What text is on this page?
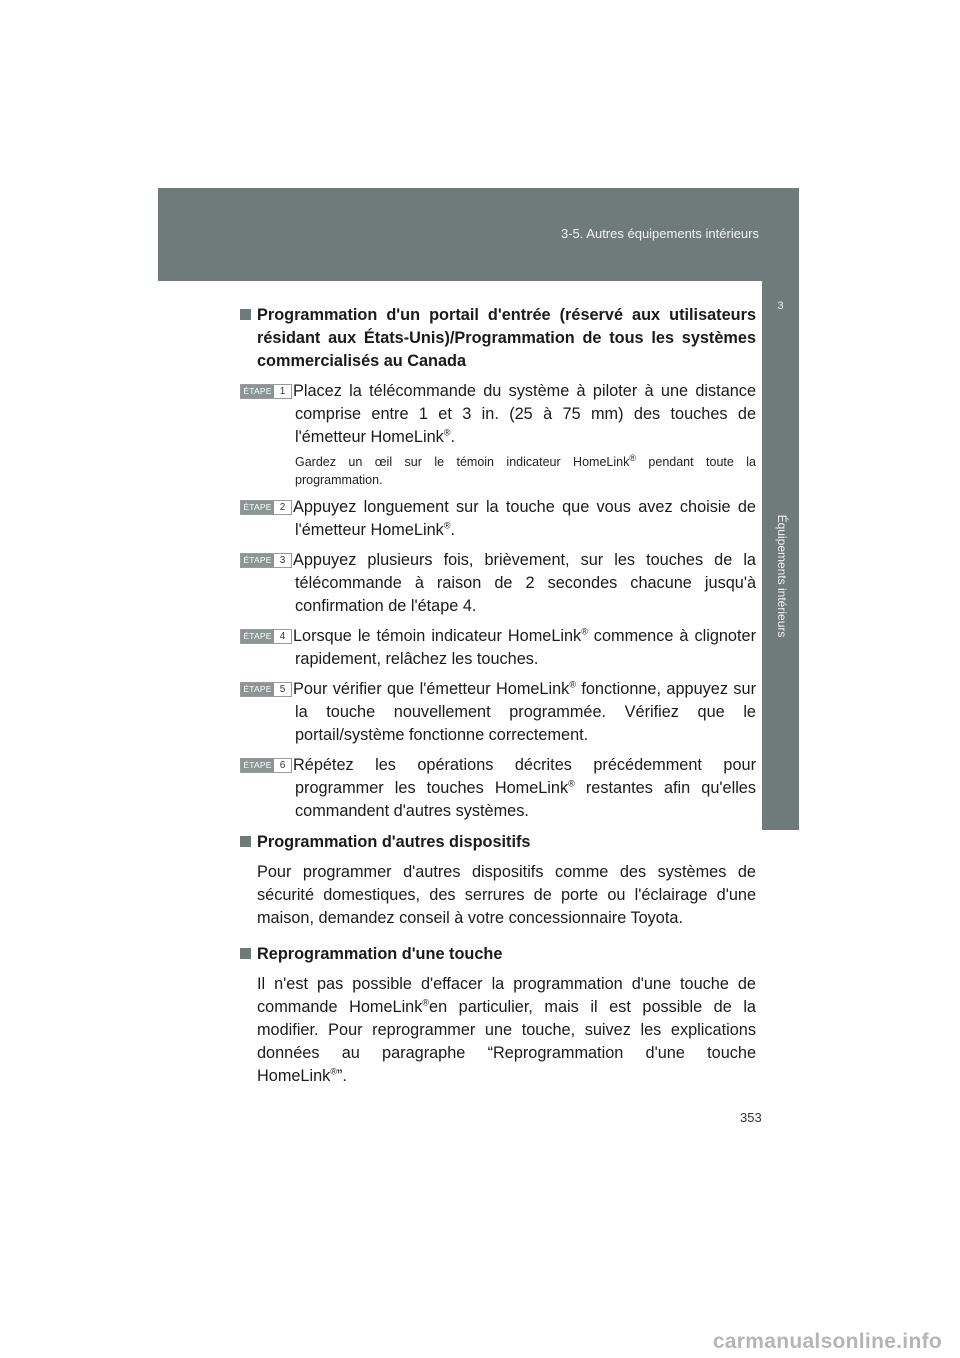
3-5. Autres équipements intérieurs
3
Équipements intérieurs
Programmation d'un portail d'entrée (réservé aux utilisateurs résidant aux États-Unis)/Programmation de tous les systèmes commercialisés au Canada
ÉTAPE 1 Placez la télécommande du système à piloter à une distance comprise entre 1 et 3 in. (25 à 75 mm) des touches de l'émetteur HomeLink®.
Gardez un œil sur le témoin indicateur HomeLink® pendant toute la programmation.
ÉTAPE 2 Appuyez longuement sur la touche que vous avez choisie de l'émetteur HomeLink®.
ÉTAPE 3 Appuyez plusieurs fois, brièvement, sur les touches de la télécommande à raison de 2 secondes chacune jusqu'à confirmation de l'étape 4.
ÉTAPE 4 Lorsque le témoin indicateur HomeLink® commence à clignoter rapidement, relâchez les touches.
ÉTAPE 5 Pour vérifier que l'émetteur HomeLink® fonctionne, appuyez sur la touche nouvellement programmée. Vérifiez que le portail/système fonctionne correctement.
ÉTAPE 6 Répétez les opérations décrites précédemment pour programmer les touches HomeLink® restantes afin qu'elles commandent d'autres systèmes.
Programmation d'autres dispositifs
Pour programmer d'autres dispositifs comme des systèmes de sécurité domestiques, des serrures de porte ou l'éclairage d'une maison, demandez conseil à votre concessionnaire Toyota.
Reprogrammation d'une touche
Il n'est pas possible d'effacer la programmation d'une touche de commande HomeLink®en particulier, mais il est possible de la modifier. Pour reprogrammer une touche, suivez les explications données au paragraphe “Reprogrammation d'une touche HomeLink®”.
353
carmanualsonline.info
